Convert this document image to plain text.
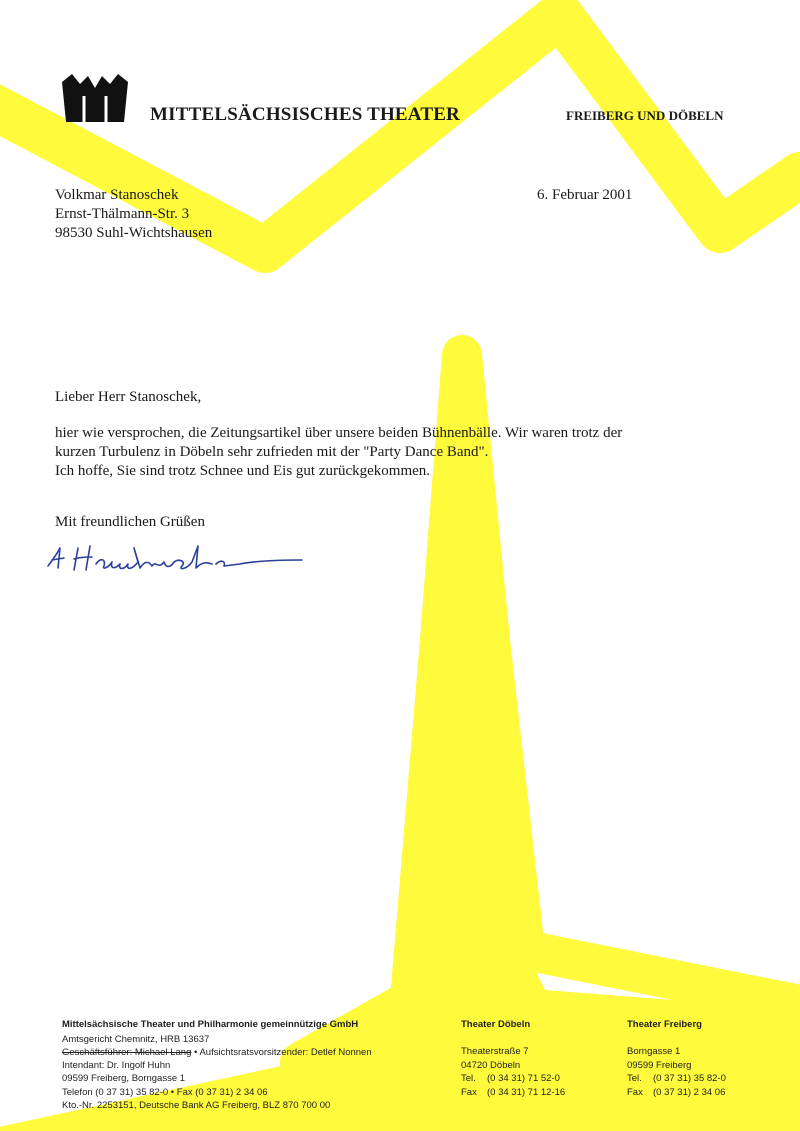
MITTELSÄCHSISCHES THEATER	FREIBERG UND DÖBELN
Volkmar Stanoschek
Ernst-Thälmann-Str. 3
98530 Suhl-Wichtshausen
6. Februar 2001
Lieber Herr Stanoschek,
hier wie versprochen, die Zeitungsartikel über unsere beiden Bühnenbälle. Wir waren trotz der
kurzen Turbulenz in Döbeln sehr zufrieden mit der "Party Dance Band".
Ich hoffe, Sie sind trotz Schnee und Eis gut zurückgekommen.
Mit freundlichen Grüßen
Mittelsächsische Theater und Philharmonie gemeinnützige GmbH
Amtsgericht Chemnitz, HRB 13637
Geschäftsführer: Michael Lang • Aufsichtsratsvorsitzender: Detlef Nonnen
Intendant: Dr. Ingolf Huhn
09599 Freiberg, Borngasse 1
Telefon (0 37 31) 35 82-0 • Fax (0 37 31) 2 34 06
Kto.-Nr. 2253151, Deutsche Bank AG Freiberg, BLZ 870 700 00
Theater Döbeln
Theaterstraße 7
04720 Döbeln
Tel. (0 34 31) 71 52-0
Fax (0 34 31) 71 12-16
Theater Freiberg
Borngasse 1
09599 Freiberg
Tel. (0 37 31) 35 82-0
Fax (0 37 31) 2 34 06
